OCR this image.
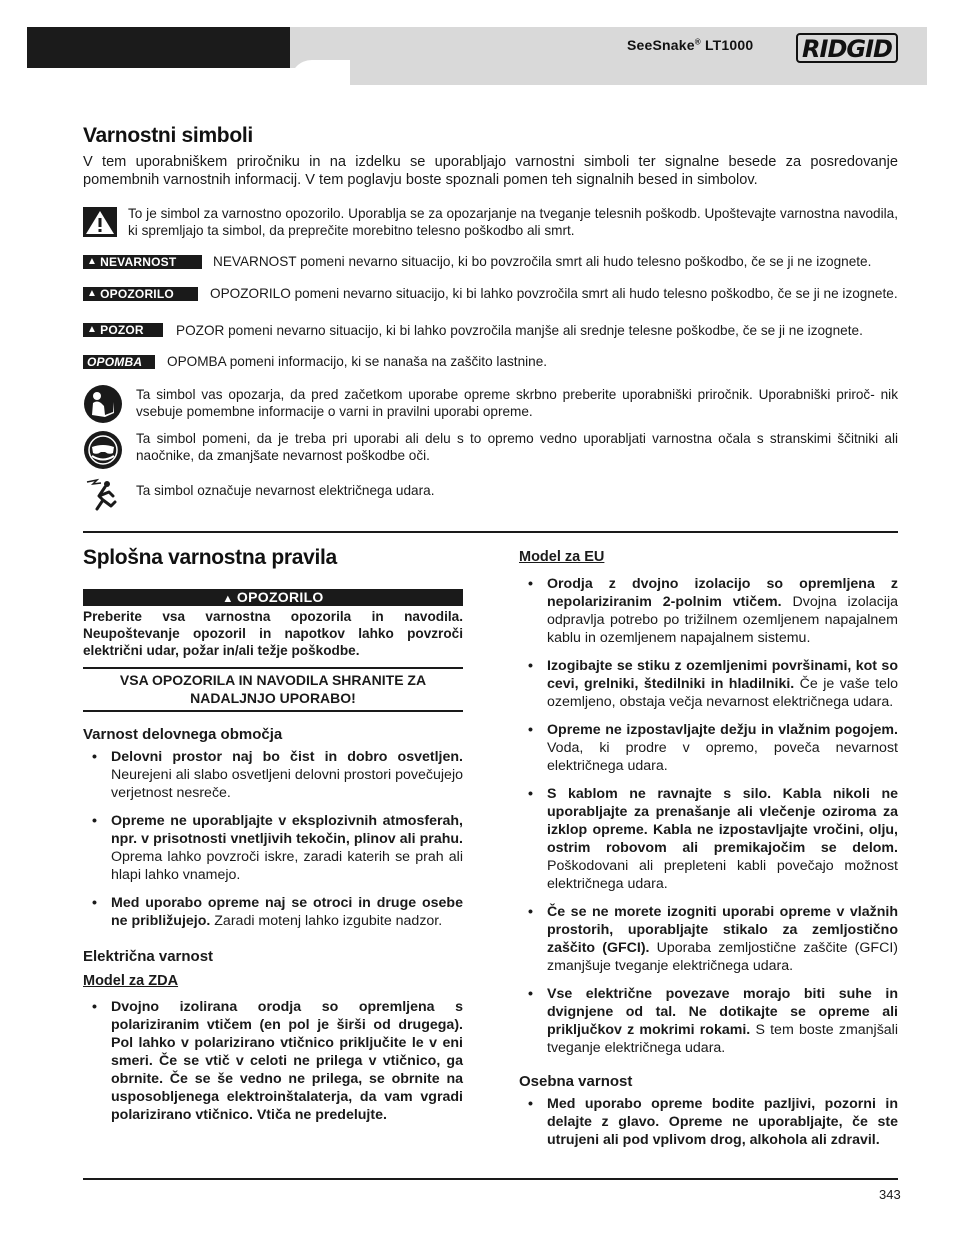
SeeSnake® LT1000 RIDGID
Varnostni simboli

V tem uporabniškem priročniku in na izdelku se uporabljajo varnostni simboli ter signalne besede za posredovanje pomembnih varnostnih informacij. V tem poglavju boste spoznali pomen teh signalnih besed in simbolov.

To je simbol za varnostno opozorilo. Uporablja se za opozarjanje na tveganje telesnih poškodb. Upoštevajte varnostna navodila, ki spremljajo ta simbol, da preprečite morebitno telesno poškodbo ali smrt.

▲ NEVARNOST	NEVARNOST pomeni nevarno situacijo, ki bo povzročila smrt ali hudo telesno poškodbo, če se ji ne izognete.

▲ OPOZORILO	OPOZORILO pomeni nevarno situacijo, ki bi lahko povzročila smrt ali hudo telesno poškodbo, če se ji ne izognete.

▲ POZOR POZOR pomeni nevarno situacijo, ki bi lahko povzročila manjše ali srednje telesne poškodbe, če se ji ne izognete.

OPOMBA OPOMBA pomeni informacijo, ki se nanaša na zaščito lastnine.

Ta simbol vas opozarja, da pred začetkom uporabe opreme skrbno preberite uporabniški priročnik. Uporabniški priroč- nik vsebuje pomembne informacije o varni in pravilni uporabi opreme.

Ta simbol pomeni, da je treba pri uporabi ali delu s to opremo vedno uporabljati varnostna očala s stranskimi ščitniki ali naočnike, da zmanjšate nevarnost poškodbe oči.

Ta simbol označuje nevarnost električnega udara.

Splošna varnostna pravila
▲ OPOZORILO
Preberite vsa varnostna opozorila in navodila. Neupoštevanje opozoril in napotkov lahko povzroči električni udar, požar in/ali težje poškodbe.
VSA OPOZORILA IN NAVODILA SHRANITE ZA
NADALJNJO UPORABO!

Varnost delovnega območja

• Delovni prostor naj bo čist in dobro osvetljen. Neurejeni ali slabo osvetljeni delovni prostori povečujejo verjetnost nesreče.
• Opreme ne uporabljajte v eksplozivnih atmosferah, npr. v prisotnosti vnetljivih tekočin, plinov ali prahu. Oprema lahko povzroči iskre, zaradi katerih se prah ali hlapi lahko vnamejo.
• Med uporabo opreme naj se otroci in druge osebe ne približujejo. Zaradi motenj lahko izgubite nadzor.

Električna varnost

Model za ZDA

• Dvojno izolirana orodja so opremljena s polariziranim vtičem (en pol je širši od drugega). Pol lahko v polarizirano vtičnico priključite le v eni smeri. Če se vtič v celoti ne prilega v vtičnico, ga obrnite. Če se še vedno ne prilega, se obrnite na usposobljenega elektroinštalaterja, da vam vgradi polarizirano vtičnico. Vtiča ne predelujte.

Model za EU

• Orodja z dvojno izolacijo so opremljena z nepolariziranim 2-polnim vtičem. Dvojna izolacija odpravlja potrebo po trižilnem ozemljenem napajalnem kablu in ozemljenem napajalnem sistemu.
• Izogibajte se stiku z ozemljenimi površinami, kot so cevi, grelniki, štedilniki in hladilniki. Če je vaše telo ozemljeno, obstaja večja nevarnost električnega udara.
• Opreme ne izpostavljajte dežju in vlažnim pogojem. Voda, ki prodre v opremo, poveča nevarnost električnega udara.
• S kablom ne ravnajte s silo. Kabla nikoli ne uporabljajte za prenašanje ali vlečenje oziroma za izklop opreme. Kabla ne izpostavljajte vročini, olju, ostrim robovom ali premikajočim se delom. Poškodovani ali prepleteni kabli povečajo možnost električnega udara.
• Če se ne morete izogniti uporabi opreme v vlažnih prostorih, uporabljajte stikalo za zemljostično zaščito (GFCI). Uporaba zemljostične zaščite (GFCI) zmanjšuje tveganje električnega udara.
• Vse električne povezave morajo biti suhe in dvignjene od tal. Ne dotikajte se opreme ali priključkov z mokrimi rokami. S tem boste zmanjšali tveganje električnega udara.

Osebna varnost

• Med uporabo opreme bodite pazljivi, pozorni in delajte z glavo. Opreme ne uporabljajte, če ste utrujeni ali pod vplivom drog, alkohola ali zdravil.
343
